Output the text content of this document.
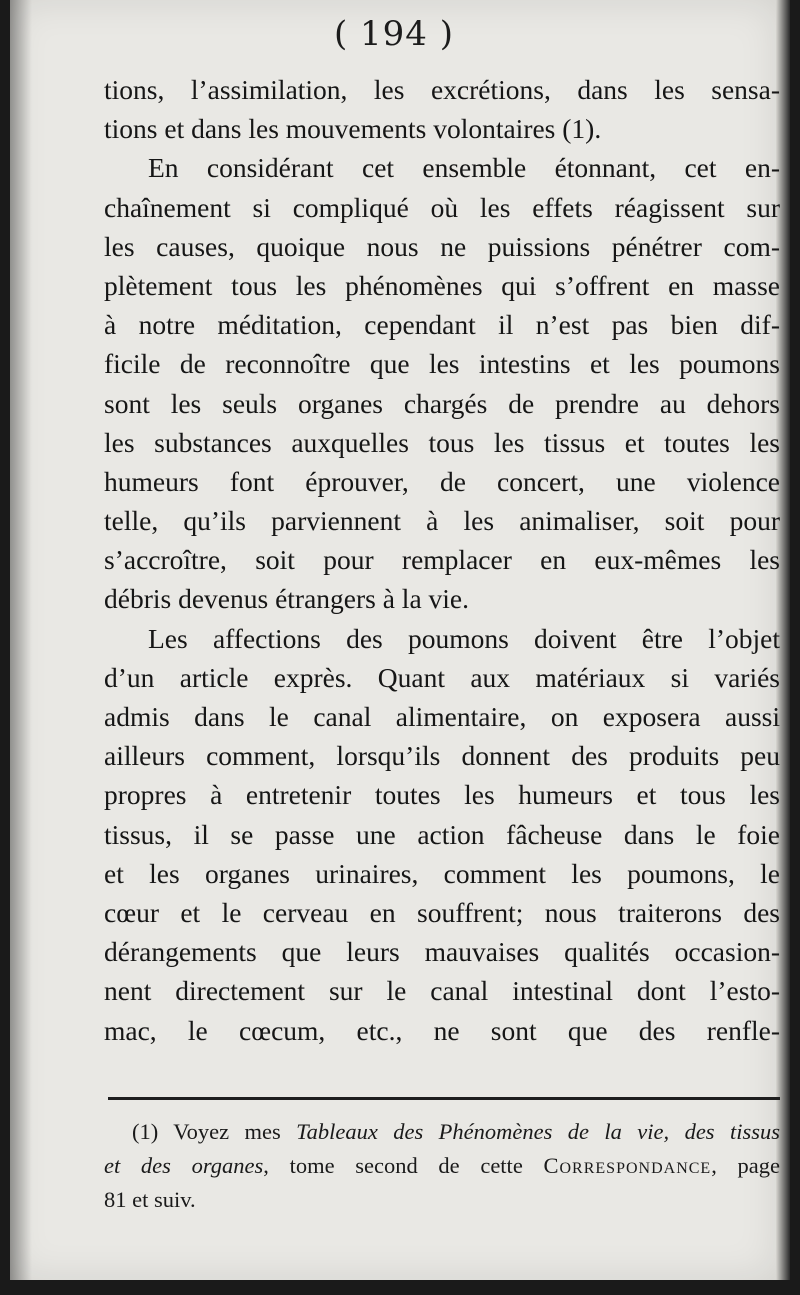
( 194 )
tions, l’assimilation, les excrétions, dans les sensa-
tions et dans les mouvements volontaires (1).
En considérant cet ensemble étonnant, cet en-
chaînement si compliqué où les effets réagissent sur
les causes, quoique nous ne puissions pénétrer com-
plètement tous les phénomènes qui s’offrent en masse
à notre méditation, cependant il n’est pas bien dif-
ficile de reconnoître que les intestins et les poumons
sont les seuls organes chargés de prendre au dehors
les substances auxquelles tous les tissus et toutes les
humeurs font éprouver, de concert, une violence
telle, qu’ils parviennent à les animaliser, soit pour
s’accroître, soit pour remplacer en eux-mêmes les
débris devenus étrangers à la vie.
Les affections des poumons doivent être l’objet
d’un article exprès. Quant aux matériaux si variés
admis dans le canal alimentaire, on exposera aussi
ailleurs comment, lorsqu’ils donnent des produits peu
propres à entretenir toutes les humeurs et tous les
tissus, il se passe une action fâcheuse dans le foie
et les organes urinaires, comment les poumons, le
cœur et le cerveau en souffrent; nous traiterons des
dérangements que leurs mauvaises qualités occasion-
nent directement sur le canal intestinal dont l’esto-
mac, le cœcum, etc., ne sont que des renfle-
(1) Voyez mes Tableaux des Phénomènes de la vie, des tissus
et des organes, tome second de cette Correspondance, page
81 et suiv.
